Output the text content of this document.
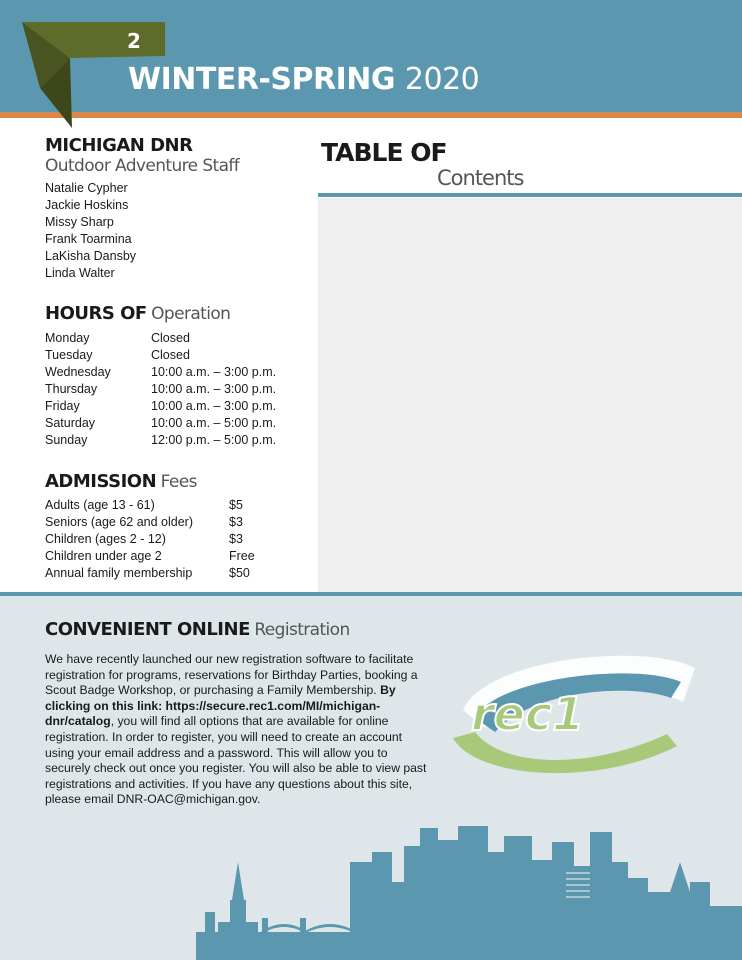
2
WINTER-SPRING 2020
MICHIGAN DNR
Outdoor Adventure Staff
Natalie Cypher
Jackie Hoskins
Missy Sharp
Frank Toarmina
LaKisha Dansby
Linda Walter
HOURS OF Operation
Monday	Closed
Tuesday	Closed
Wednesday	10:00 a.m. – 3:00 p.m.
Thursday	10:00 a.m. – 3:00 p.m.
Friday	10:00 a.m. – 3:00 p.m.
Saturday	10:00 a.m. – 5:00 p.m.
Sunday	12:00 p.m. – 5:00 p.m.
ADMISSION Fees
Adults (age 13 - 61)	$5
Seniors (age 62 and older)	$3
Children (ages 2 - 12)	$3
Children under age 2	Free
Annual family membership	$50
TABLE OF
Contents
CONVENIENT ONLINE Registration
We have recently launched our new registration software to facilitate registration for programs, reservations for Birthday Parties, booking a Scout Badge Workshop, or purchasing a Family Membership. By clicking on this link: https://secure.rec1.com/MI/michigan-dnr/catalog, you will find all options that are available for online registration. In order to register, you will need to create an account using your email address and a password. This will allow you to securely check out once you register. You will also be able to view past registrations and activities. If you have any questions about this site, please email DNR-OAC@michigan.gov.
rec1
